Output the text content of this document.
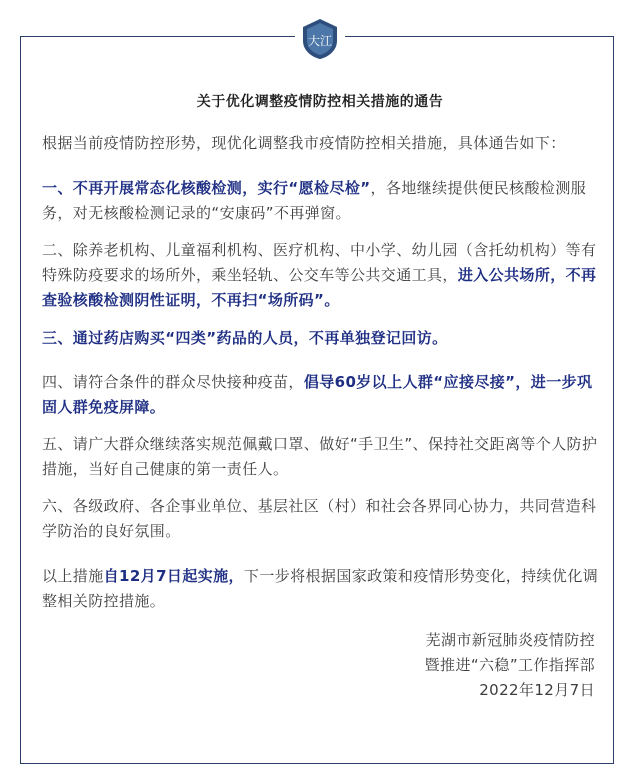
大江
关于优化调整疫情防控相关措施的通告
根据当前疫情防控形势，现优化调整我市疫情防控相关措施，具体通告如下：
一、不再开展常态化核酸检测，实行“愿检尽检”，各地继续提供便民核酸检测服务，对无核酸检测记录的“安康码”不再弹窗。
二、除养老机构、儿童福利机构、医疗机构、中小学、幼儿园（含托幼机构）等有特殊防疫要求的场所外，乘坐轻轨、公交车等公共交通工具，进入公共场所，不再查验核酸检测阴性证明，不再扫“场所码”。
三、通过药店购买“四类”药品的人员，不再单独登记回访。
四、请符合条件的群众尽快接种疫苗，倡导60岁以上人群“应接尽接”，进一步巩固人群免疫屏障。
五、请广大群众继续落实规范佩戴口罩、做好“手卫生”、保持社交距离等个人防护措施，当好自己健康的第一责任人。
六、各级政府、各企事业单位、基层社区（村）和社会各界同心协力，共同营造科学防治的良好氛围。
以上措施自12月7日起实施，下一步将根据国家政策和疫情形势变化，持续优化调整相关防控措施。
芜湖市新冠肺炎疫情防控
暨推进“六稳”工作指挥部
2022年12月7日
